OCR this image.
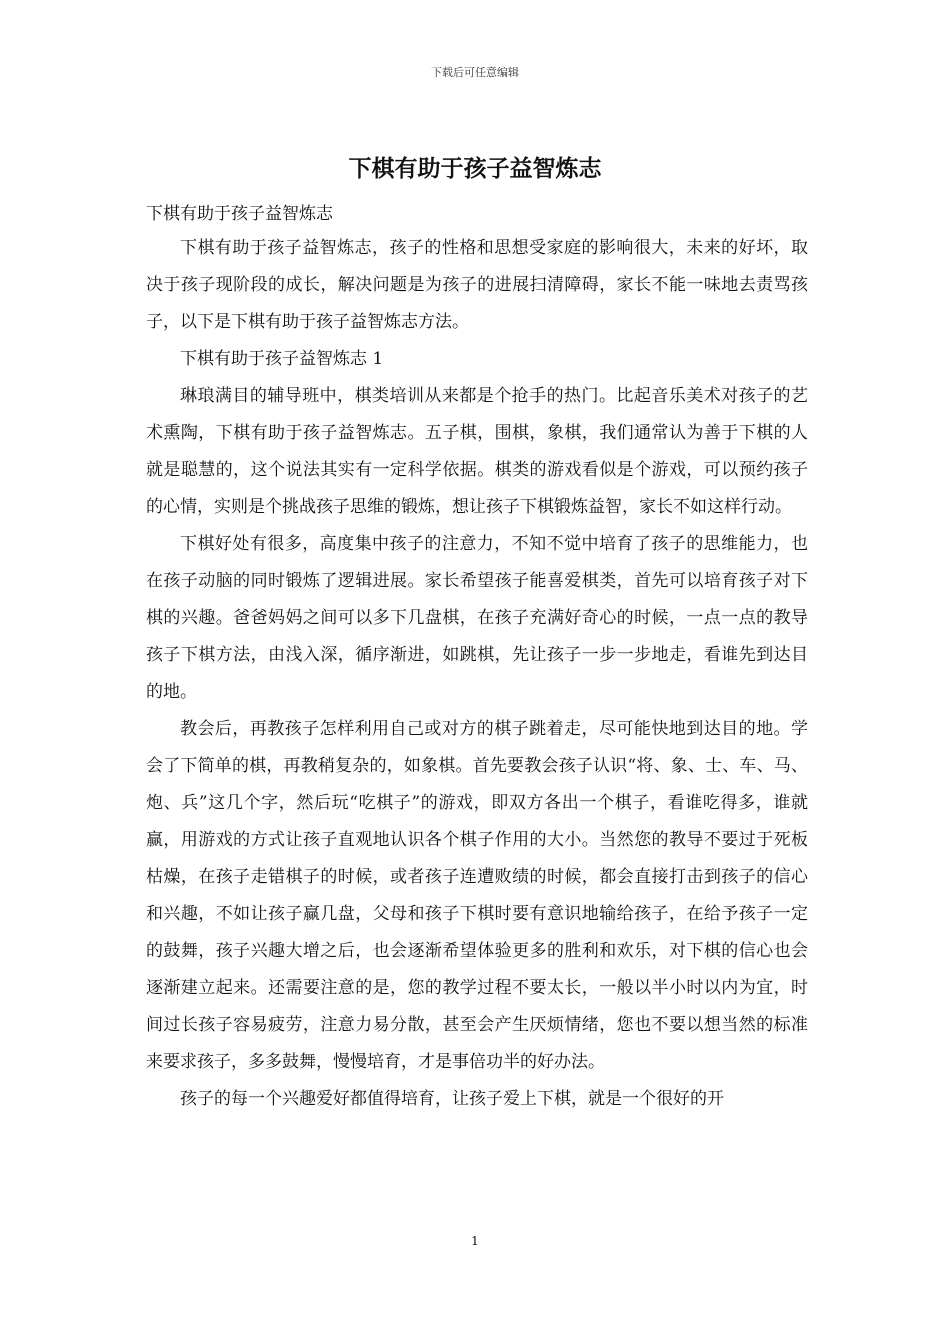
下载后可任意编辑
下棋有助于孩子益智炼志

下棋有助于孩子益智炼志

下棋有助于孩子益智炼志，孩子的性格和思想受家庭的影响很大，未来的好坏，取决于孩子现阶段的成长，解决问题是为孩子的进展扫清障碍，家长不能一味地去责骂孩子，以下是下棋有助于孩子益智炼志方法。

下棋有助于孩子益智炼志 1

琳琅满目的辅导班中，棋类培训从来都是个抢手的热门。比起音乐美术对孩子的艺术熏陶，下棋有助于孩子益智炼志。五子棋，围棋，象棋，我们通常认为善于下棋的人就是聪慧的，这个说法其实有一定科学依据。棋类的游戏看似是个游戏，可以预约孩子的心情，实则是个挑战孩子思维的锻炼，想让孩子下棋锻炼益智，家长不如这样行动。

下棋好处有很多，高度集中孩子的注意力，不知不觉中培育了孩子的思维能力，也在孩子动脑的同时锻炼了逻辑进展。家长希望孩子能喜爱棋类，首先可以培育孩子对下棋的兴趣。爸爸妈妈之间可以多下几盘棋，在孩子充满好奇心的时候，一点一点的教导孩子下棋方法，由浅入深，循序渐进，如跳棋，先让孩子一步一步地走，看谁先到达目的地。

教会后，再教孩子怎样利用自己或对方的棋子跳着走，尽可能快地到达目的地。学会了下简单的棋，再教稍复杂的，如象棋。首先要教会孩子认识“将、象、士、车、马、炮、兵”这几个字，然后玩“吃棋子”的游戏，即双方各出一个棋子，看谁吃得多，谁就赢，用游戏的方式让孩子直观地认识各个棋子作用的大小。当然您的教导不要过于死板枯燥，在孩子走错棋子的时候，或者孩子连遭败绩的时候，都会直接打击到孩子的信心和兴趣，不如让孩子赢几盘，父母和孩子下棋时要有意识地输给孩子，在给予孩子一定的鼓舞，孩子兴趣大增之后，也会逐渐希望体验更多的胜利和欢乐，对下棋的信心也会逐渐建立起来。还需要注意的是，您的教学过程不要太长，一般以半小时以内为宜，时间过长孩子容易疲劳，注意力易分散，甚至会产生厌烦情绪，您也不要以想当然的标准来要求孩子，多多鼓舞，慢慢培育，才是事倍功半的好办法。

孩子的每一个兴趣爱好都值得培育，让孩子爱上下棋，就是一个很好的开

1
